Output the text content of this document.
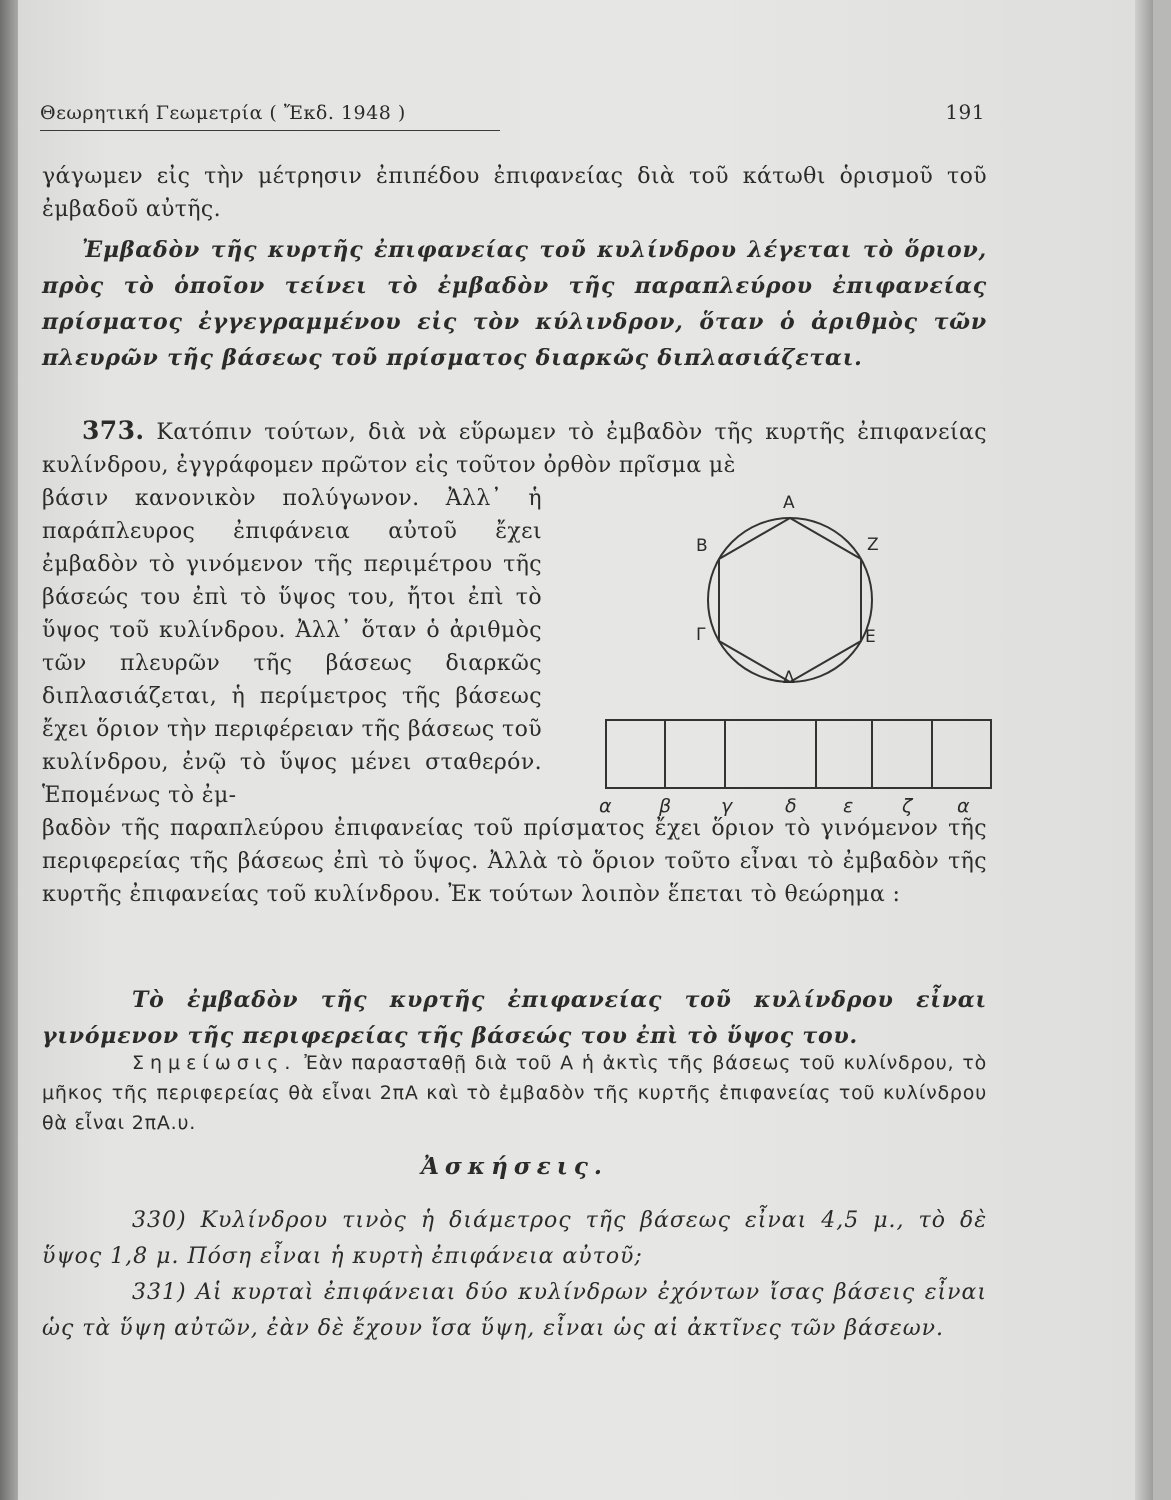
Θεωρητική Γεωμετρία ( Ἔκδ. 1948 )	191

γάγωμεν εἰς τὴν μέτρησιν ἐπιπέδου ἐπιφανείας διὰ τοῦ κάτωθι ὁρισμοῦ τοῦ ἐμβαδοῦ αὐτῆς.

Ἐμβαδὸν τῆς κυρτῆς ἐπιφανείας τοῦ κυλίνδρου λέγεται τὸ ὅριον, πρὸς τὸ ὁποῖον τείνει τὸ ἐμβαδὸν τῆς παραπλεύρου ἐπιφανείας πρίσματος ἐγγεγραμμένου εἰς τὸν κύλινδρον, ὅταν ὁ ἀριθμὸς τῶν πλευρῶν τῆς βάσεως τοῦ πρίσματος διαρκῶς διπλασιάζεται.

373. Κατόπιν τούτων, διὰ νὰ εὕρωμεν τὸ ἐμβαδὸν τῆς κυρτῆς ἐπιφανείας κυλίνδρου, ἐγγράφομεν πρῶτον εἰς τοῦτον ὀρθὸν πρῖσμα μὲ

βάσιν κανονικὸν πολύγωνον. Ἀλλ᾽ ἡ παράπλευρος ἐπιφάνεια αὐτοῦ ἔχει ἐμβαδὸν τὸ γινόμενον τῆς περιμέτρου τῆς βάσεώς του ἐπὶ τὸ ὕψος του, ἤτοι ἐπὶ τὸ ὕψος τοῦ κυλίνδρου. Ἀλλ᾽ ὅταν ὁ ἀριθμὸς τῶν πλευρῶν τῆς βάσεως διαρκῶς διπλασιάζεται, ἡ περίμετρος τῆς βάσεως ἔχει ὅριον τὴν περιφέρειαν τῆς βάσεως τοῦ κυλίνδρου, ἐνῷ τὸ ὕψος μένει σταθερόν. Ἑπομένως τὸ ἐμ-

βαδὸν τῆς παραπλεύρου ἐπιφανείας τοῦ πρίσματος ἔχει ὅριον τὸ γινόμενον τῆς περιφερείας τῆς βάσεως ἐπὶ τὸ ὕψος. Ἀλλὰ τὸ ὅριον τοῦτο εἶναι τὸ ἐμβαδὸν τῆς κυρτῆς ἐπιφανείας τοῦ κυλίνδρου. Ἐκ τούτων λοιπὸν ἕπεται τὸ θεώρημα :

Α
Ζ
Ε
Δ
Γ
Β
α β	γ	δ ε	ζ α

Τὸ ἐμβαδὸν τῆς κυρτῆς ἐπιφανείας τοῦ κυλίνδρου εἶναι γινόμενον τῆς περιφερείας τῆς βάσεώς του ἐπὶ τὸ ὕψος του.

Σημείωσις. Ἐὰν παρασταθῇ διὰ τοῦ Α ἡ ἀκτὶς τῆς βάσεως τοῦ κυλίνδρου, τὸ μῆκος τῆς περιφερείας θὰ εἶναι 2πΑ καὶ τὸ ἐμβαδὸν τῆς κυρτῆς ἐπιφανείας τοῦ κυλίνδρου θὰ εἶναι 2πΑ.υ.

Ἀσκήσεις.

330) Κυλίνδρου τινὸς ἡ διάμετρος τῆς βάσεως εἶναι 4,5 μ., τὸ δὲ ὕψος 1,8 μ. Πόση εἶναι ἡ κυρτὴ ἐπιφάνεια αὐτοῦ;

331) Αἱ κυρταὶ ἐπιφάνειαι δύο κυλίνδρων ἐχόντων ἴσας βάσεις εἶναι ὡς τὰ ὕψη αὐτῶν, ἐὰν δὲ ἔχουν ἴσα ὕψη, εἶναι ὡς αἱ ἀκτῖνες τῶν βάσεων.
